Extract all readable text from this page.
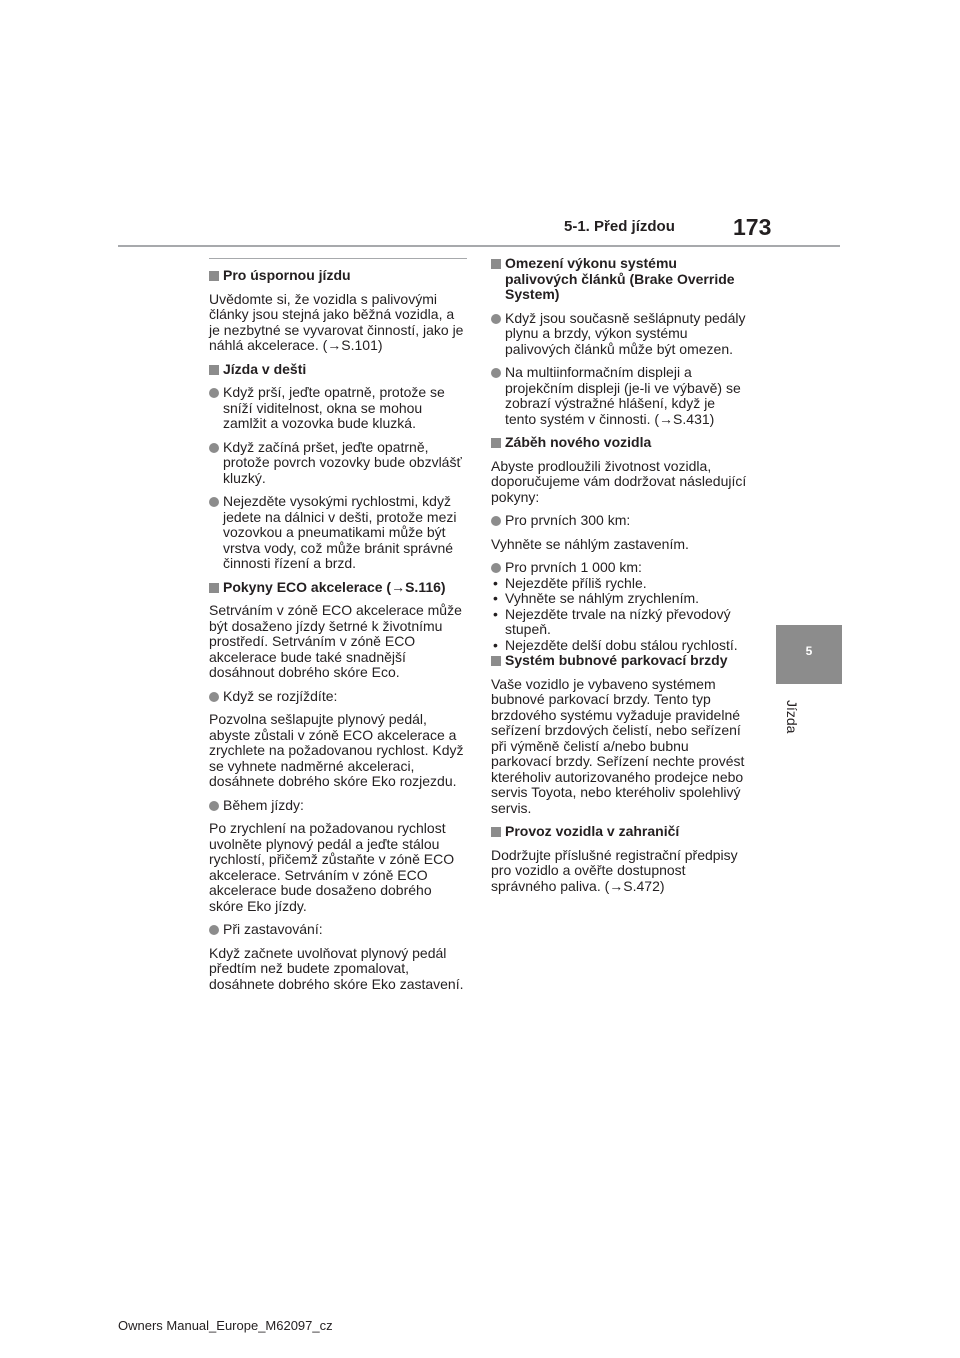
5-1. Před jízdou	173
5
Jízda
Pro úspornou jízdu
Uvědomte si, že vozidla s palivovými články jsou stejná jako běžná vozidla, a je nezbytné se vyvarovat činností, jako je náhlá akcelerace. (→S.101)
Jízda v dešti
Když prší, jeďte opatrně, protože se sníží viditelnost, okna se mohou zamlžit a vozovka bude kluzká.
Když začíná pršet, jeďte opatrně, protože povrch vozovky bude obzvlášť kluzký.
Nejezděte vysokými rychlostmi, když jedete na dálnici v dešti, protože mezi vozovkou a pneumatikami může být vrstva vody, což může bránit správné činnosti řízení a brzd.
Pokyny ECO akcelerace (→S.116)
Setrváním v zóně ECO akcelerace může být dosaženo jízdy šetrné k životnímu prostředí. Setrváním v zóně ECO akcelerace bude také snadnější dosáhnout dobrého skóre Eco.
Když se rozjíždíte:
Pozvolna sešlapujte plynový pedál, abyste zůstali v zóně ECO akcelerace a zrychlete na požadovanou rychlost. Když se vyhnete nadměrné akceleraci, dosáhnete dobrého skóre Eko rozjezdu.
Během jízdy:
Po zrychlení na požadovanou rychlost uvolněte plynový pedál a jeďte stálou rychlostí, přičemž zůstaňte v zóně ECO akcelerace. Setrváním v zóně ECO akcelerace bude dosaženo dobrého skóre Eko jízdy.
Při zastavování:
Když začnete uvolňovat plynový pedál předtím než budete zpomalovat, dosáhnete dobrého skóre Eko zastavení.
Omezení výkonu systému palivových článků (Brake Override System)
Když jsou současně sešlápnuty pedály plynu a brzdy, výkon systému palivových článků může být omezen.
Na multiinformačním displeji a projekčním displeji (je-li ve výbavě) se zobrazí výstražné hlášení, když je tento systém v činnosti. (→S.431)
Záběh nového vozidla
Abyste prodloužili životnost vozidla, doporučujeme vám dodržovat následující pokyny:
Pro prvních 300 km:
Vyhněte se náhlým zastavením.
Pro prvních 1 000 km:
• Nejezděte příliš rychle.
• Vyhněte se náhlým zrychlením.
• Nejezděte trvale na nízký převodový stupeň.
• Nejezděte delší dobu stálou rychlostí.
Systém bubnové parkovací brzdy
Vaše vozidlo je vybaveno systémem bubnové parkovací brzdy. Tento typ brzdového systému vyžaduje pravidelné seřízení brzdových čelistí, nebo seřízení při výměně čelistí a/nebo bubnu parkovací brzdy. Seřízení nechte provést kteréholiv autorizovaného prodejce nebo servis Toyota, nebo kteréholiv spolehlivý servis.
Provoz vozidla v zahraničí
Dodržujte příslušné registrační předpisy pro vozidlo a ověřte dostupnost správného paliva. (→S.472)
Owners Manual_Europe_M62097_cz
